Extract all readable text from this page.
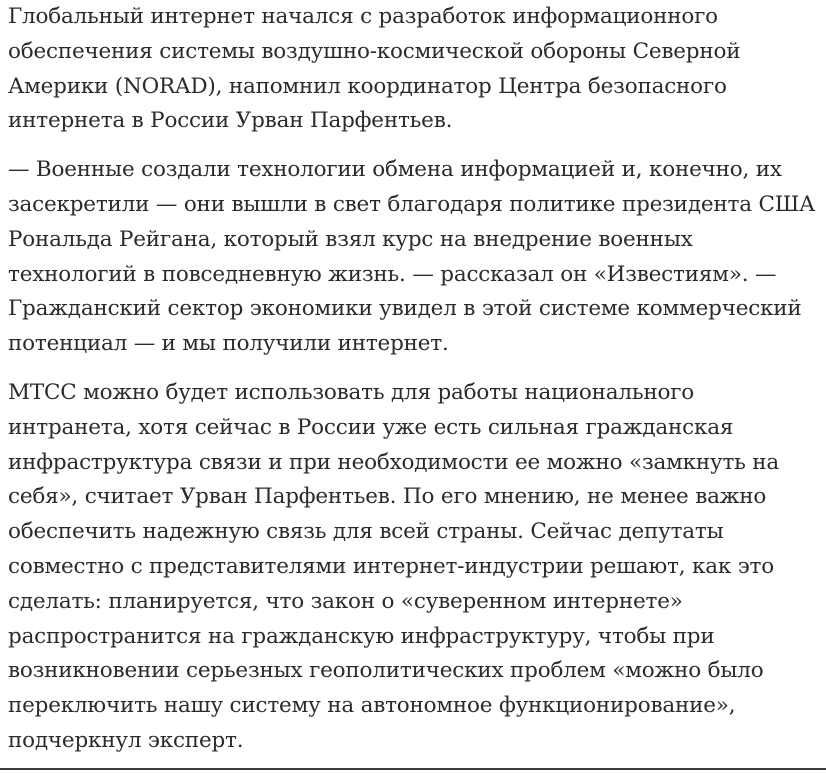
Глобальный интернет начался с разработок информационного обеспечения системы воздушно-космической обороны Северной Америки (NORAD), напомнил координатор Центра безопасного интернета в России Урван Парфентьев.

— Военные создали технологии обмена информацией и, конечно, их засекретили — они вышли в свет благодаря политике президента США Рональда Рейгана, который взял курс на внедрение военных технологий в повседневную жизнь. — рассказал он «Известиям». — Гражданский сектор экономики увидел в этой системе коммерческий потенциал — и мы получили интернет.

МТСС можно будет использовать для работы национального интранета, хотя сейчас в России уже есть сильная гражданская инфраструктура связи и при необходимости ее можно «замкнуть на себя», считает Урван Парфентьев. По его мнению, не менее важно обеспечить надежную связь для всей страны. Сейчас депутаты совместно с представителями интернет-индустрии решают, как это сделать: планируется, что закон о «суверенном интернете» распространится на гражданскую инфраструктуру, чтобы при возникновении серьезных геополитических проблем «можно было переключить нашу систему на автономное функционирование», подчеркнул эксперт.
